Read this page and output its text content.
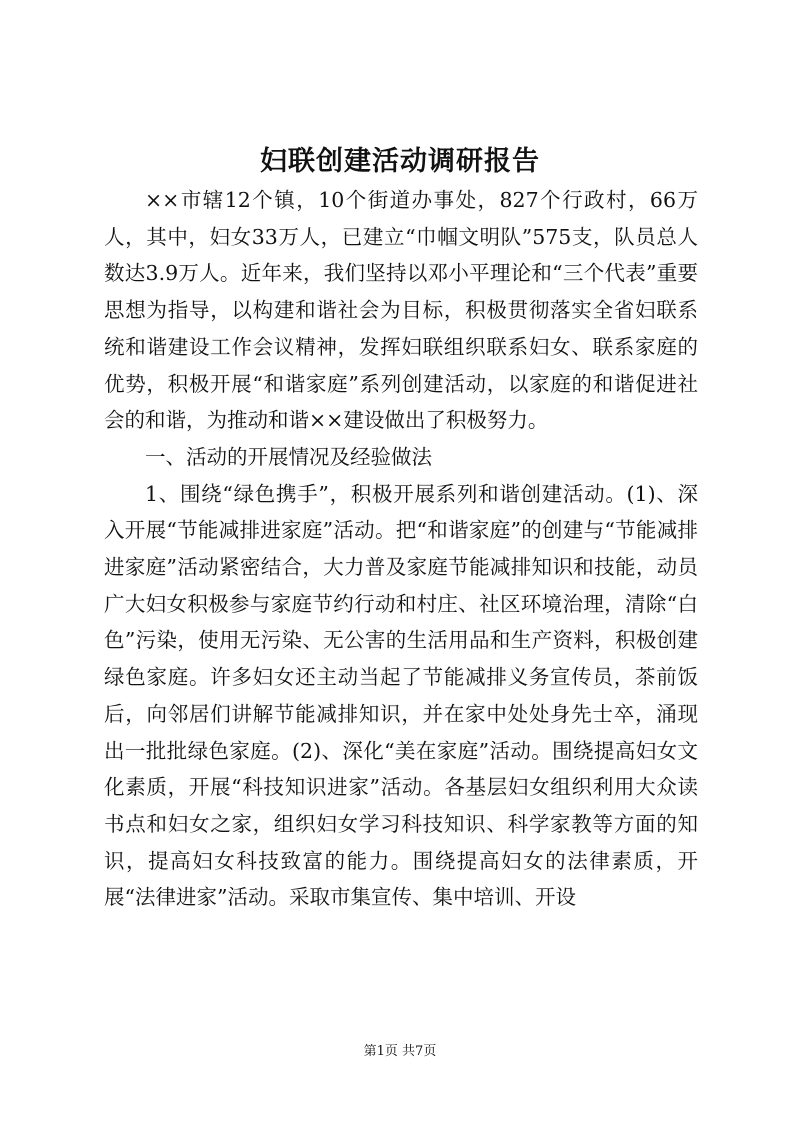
妇联创建活动调研报告

××市辖12个镇，10个街道办事处，827个行政村，66万人，其中，妇女33万人，已建立“巾帼文明队”575支，队员总人数达3.9万人。近年来，我们坚持以邓小平理论和“三个代表”重要思想为指导，以构建和谐社会为目标，积极贯彻落实全省妇联系统和谐建设工作会议精神，发挥妇联组织联系妇女、联系家庭的优势，积极开展“和谐家庭”系列创建活动，以家庭的和谐促进社会的和谐，为推动和谐××建设做出了积极努力。

一、活动的开展情况及经验做法

1、围绕“绿色携手”，积极开展系列和谐创建活动。(1)、深入开展“节能减排进家庭”活动。把“和谐家庭”的创建与“节能减排进家庭”活动紧密结合，大力普及家庭节能减排知识和技能，动员广大妇女积极参与家庭节约行动和村庄、社区环境治理，清除“白色”污染，使用无污染、无公害的生活用品和生产资料，积极创建绿色家庭。许多妇女还主动当起了节能减排义务宣传员，茶前饭后，向邻居们讲解节能减排知识，并在家中处处身先士卒，涌现出一批批绿色家庭。(2)、深化“美在家庭”活动。围绕提高妇女文化素质，开展“科技知识进家”活动。各基层妇女组织利用大众读书点和妇女之家，组织妇女学习科技知识、科学家教等方面的知识，提高妇女科技致富的能力。围绕提高妇女的法律素质，开展“法律进家”活动。采取市集宣传、集中培训、开设

第1页 共7页
